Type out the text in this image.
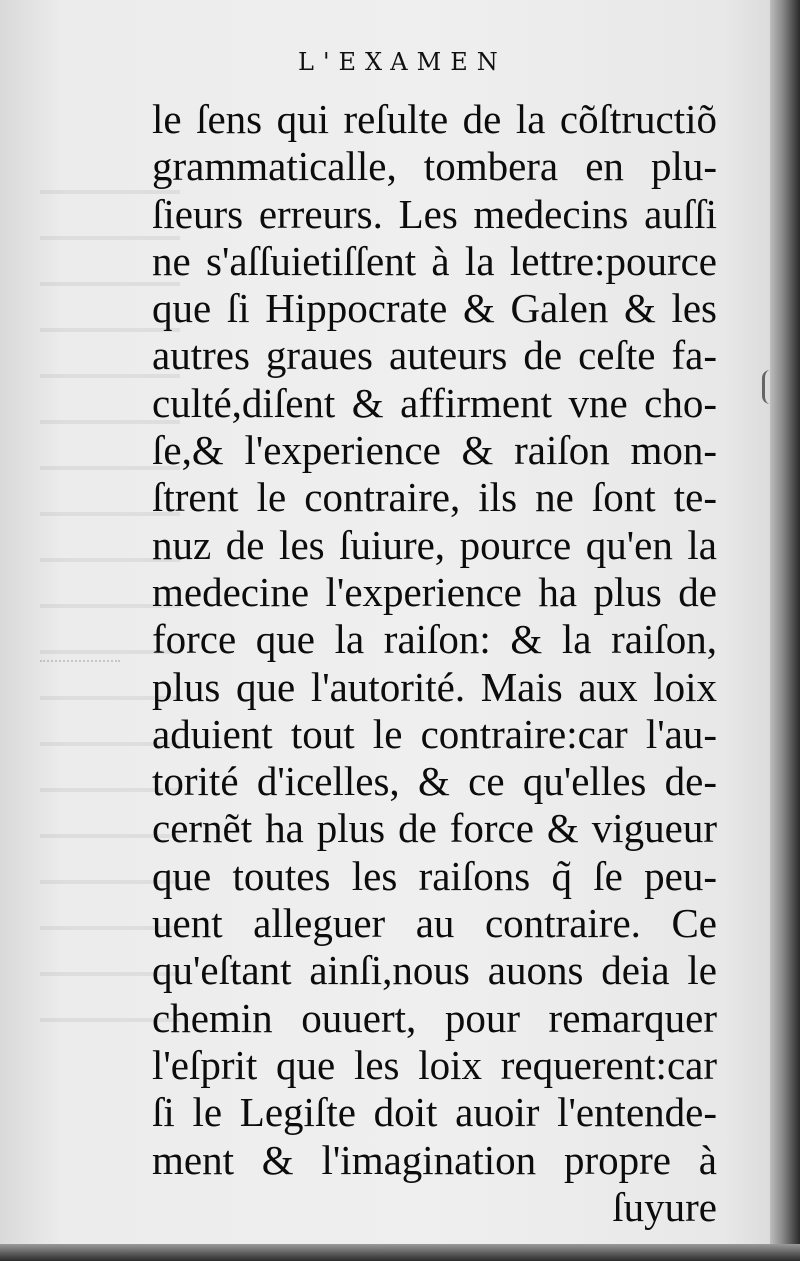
L'EXAMEN
le ſens qui reſulte de la cõſtructiõ
grammaticalle, tombera en plu-
ſieurs erreurs. Les medecins auſſi
ne s'aſſuietiſſent à la lettre:pource
que ſi Hippocrate & Galen & les
autres graues auteurs de ceſte fa-
culté,diſent & affirment vne cho-
ſe,& l'experience & raiſon mon-
ſtrent le contraire, ils ne ſont te-
nuz de les ſuiure, pource qu'en la
medecine l'experience ha plus de
force que la raiſon: & la raiſon,
plus que l'autorité. Mais aux loix
aduient tout le contraire:car l'au-
torité d'icelles, & ce qu'elles de-
cernẽt ha plus de force & vigueur
que toutes les raiſons q̃ ſe peu-
uent alleguer au contraire. Ce
qu'eſtant ainſi,nous auons deia le
chemin ouuert, pour remarquer
l'eſprit que les loix requerent:car
ſi le Legiſte doit auoir l'entende-
ment & l'imagination propre à
ſuyure
